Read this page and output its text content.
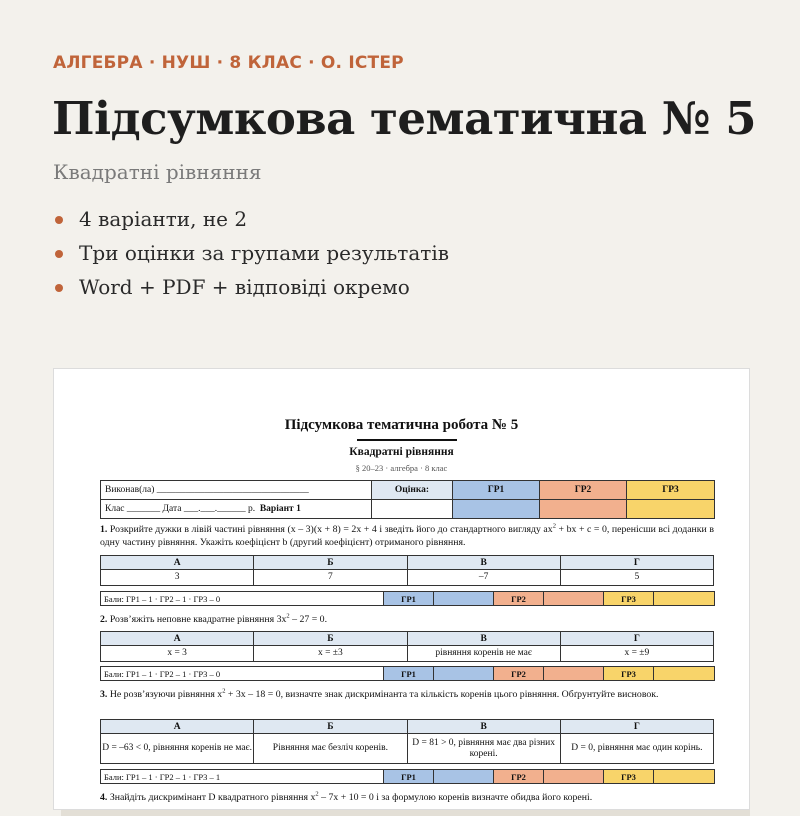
АЛГЕБРА · НУШ · 8 КЛАС · О. ІСТЕР
Підсумкова тематична № 5
Квадратні рівняння
4 варіанти, не 2
Три оцінки за групами результатів
Word + PDF + відповіді окремо
Підсумкова тематична робота № 5
Квадратні рівняння
§ 20–23 · алгебра · 8 клас
Виконав(ла) ________________________________	Оцінка:	ГР1	ГР2	ГР3
Клас _______ Дата ___.___.______ р. Варіант 1				
1. Розкрийте дужки в лівій частині рівняння (x – 3)(x + 8) = 2x + 4 і зведіть його до стандартного вигляду $ax^2$ + bx + c = 0, перенісши всі доданки в одну частину рівняння. Укажіть коефіцієнт b (другий коефіцієнт) отриманого рівняння.
А	Б	В	Г
3	7	–7	5
Бали: ГР1 – 1 · ГР2 – 1 · ГР3 – 0	ГР1		ГР2		ГР3	
2. Розв’яжіть неповне квадратне рівняння $3x^2 - 27 = 0$.
А	Б	В	Г
x = 3	x = ±3	рівняння коренів не має	x = ±9
Бали: ГР1 – 1 · ГР2 – 1 · ГР3 – 0	ГР1		ГР2		ГР3	
3. Не розв’язуючи рівняння $x^2 + 3x - 18 = 0$, визначте знак дискримінанта та кількість коренів цього рівняння. Обґрунтуйте висновок.
А	Б	В	Г
D = –63 < 0, рівняння коренів не має.	Рівняння має безліч коренів.	D = 81 > 0, рівняння має два різних корені.	D = 0, рівняння має один корінь.
Бали: ГР1 – 1 · ГР2 – 1 · ГР3 – 1	ГР1		ГР2		ГР3	
4. Знайдіть дискримінант D квадратного рівняння $x^2 - 7x + 10 = 0$ і за формулою коренів визначте обидва його корені.
